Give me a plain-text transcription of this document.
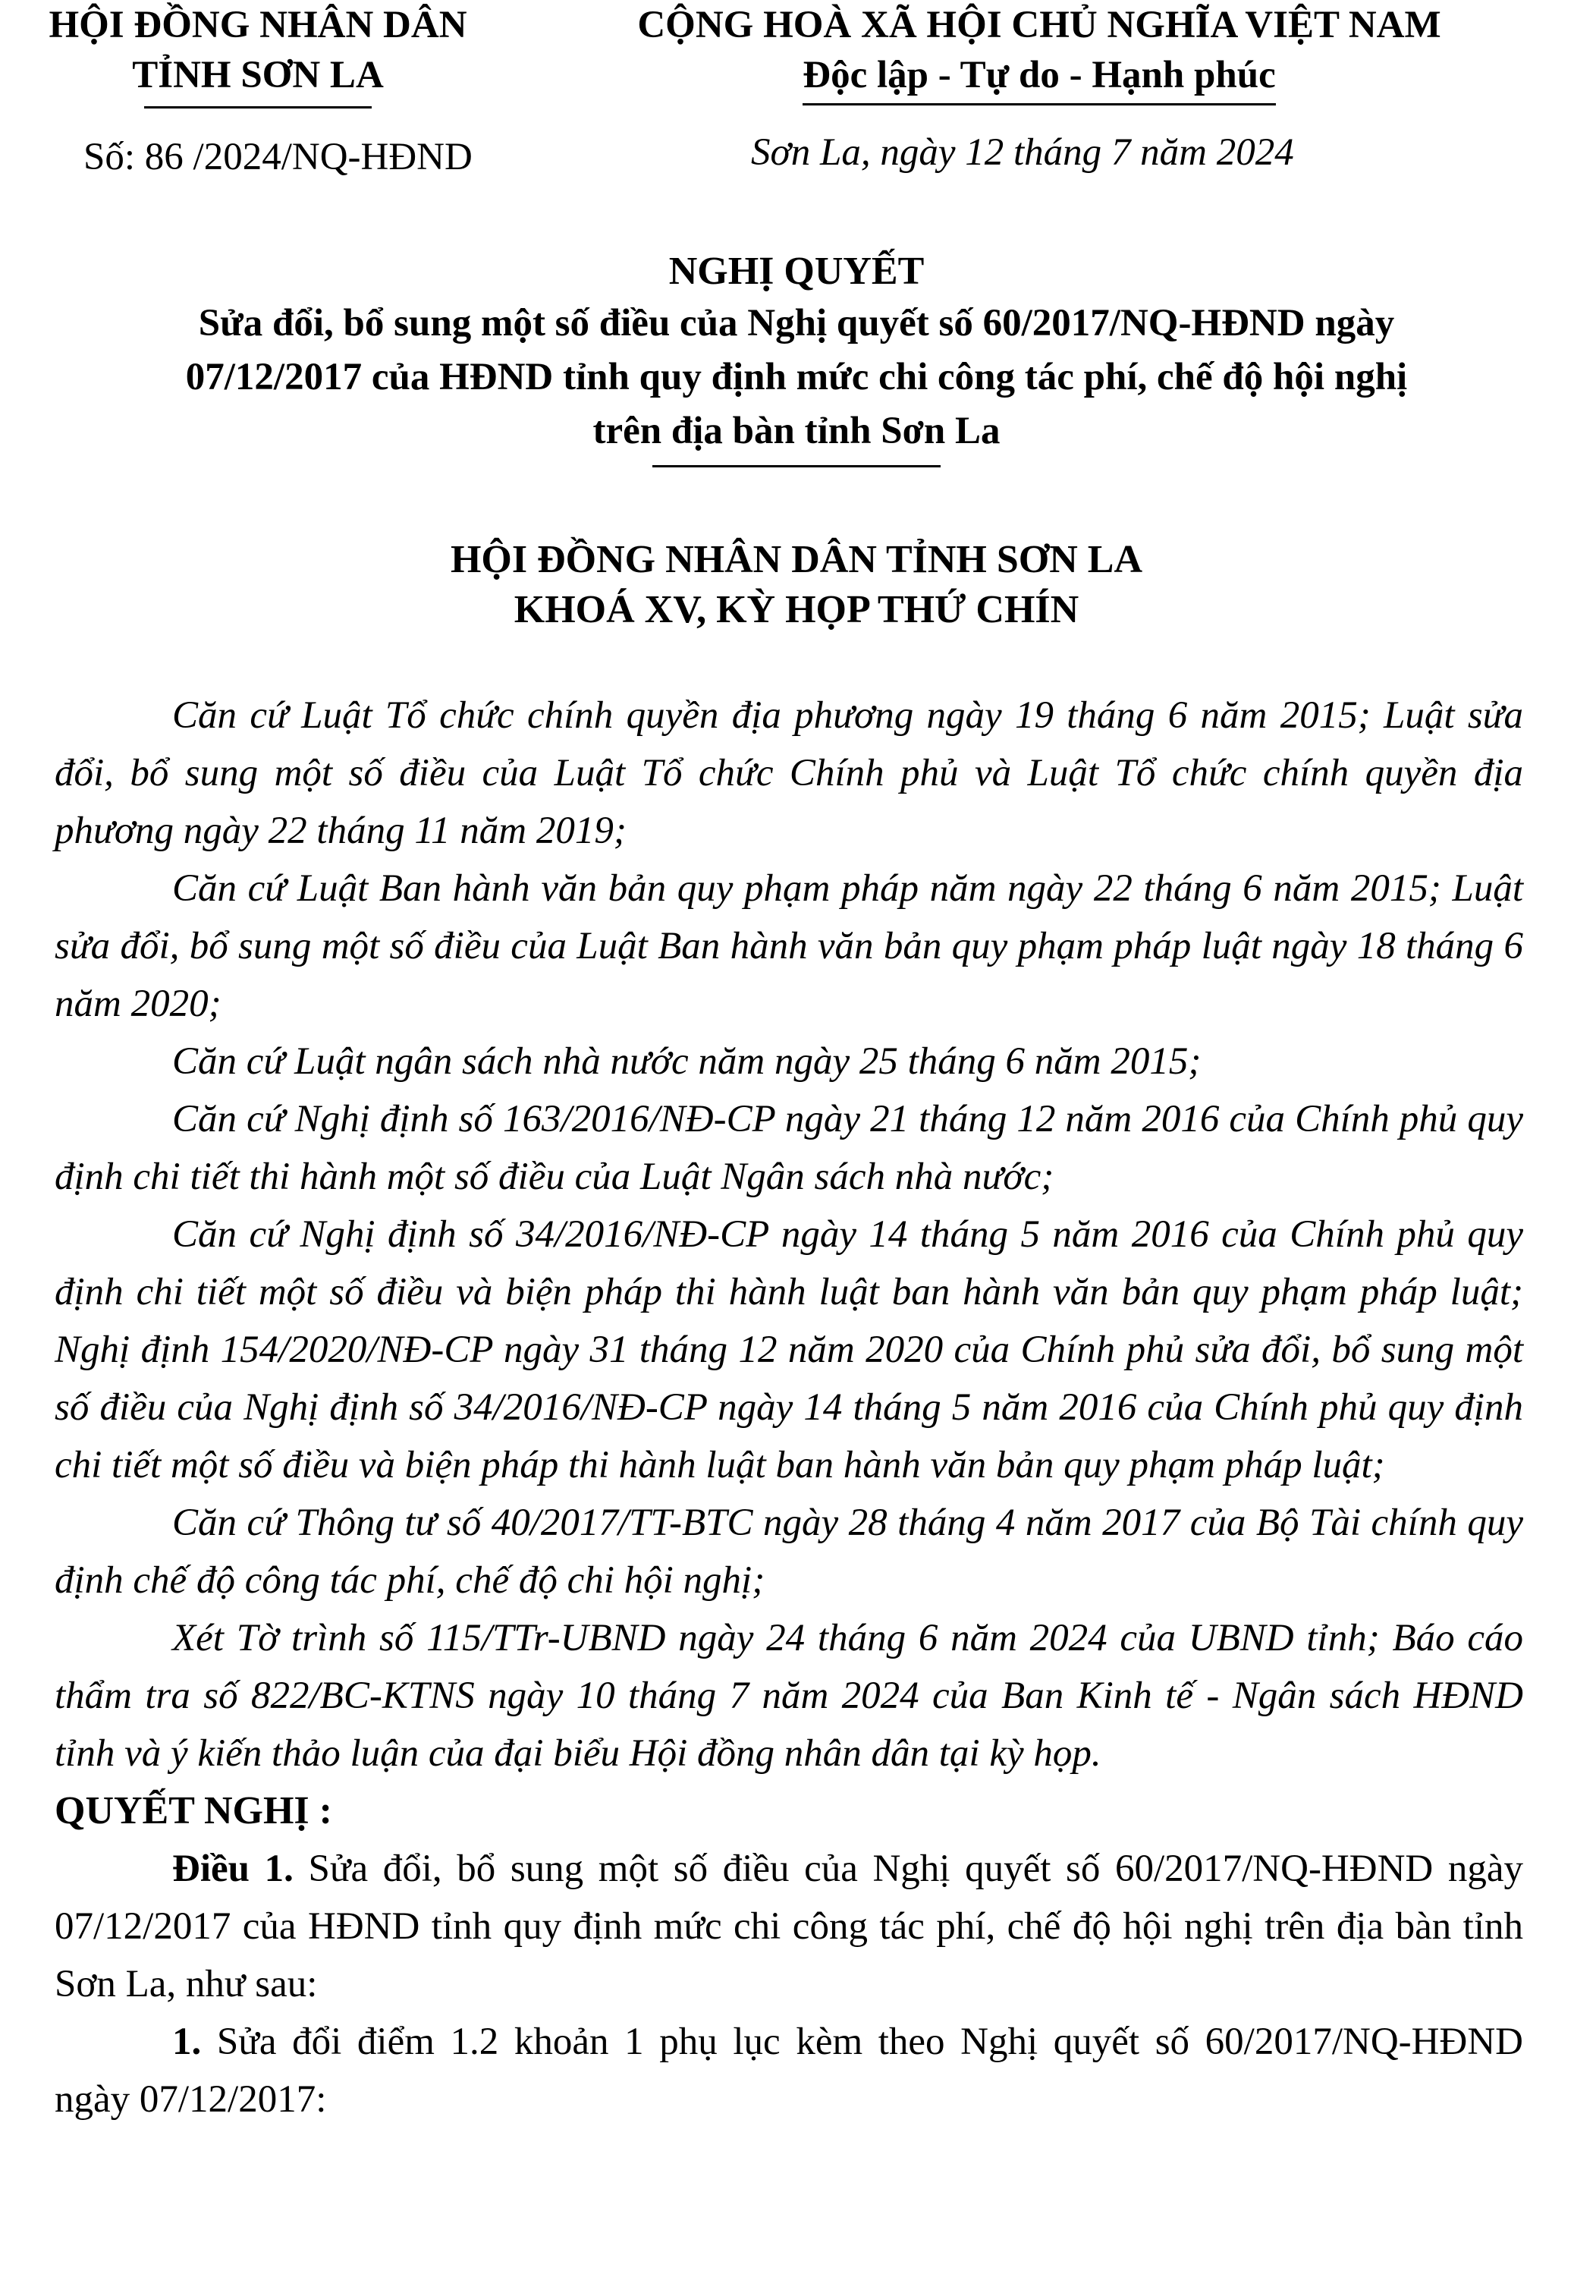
HỘI ĐỒNG NHÂN DÂN
TỈNH SƠN LA
CỘNG HOÀ XÃ HỘI CHỦ NGHĨA VIỆT NAM
Độc lập - Tự do - Hạnh phúc
Số: 86 /2024/NQ-HĐND	Sơn La, ngày 12 tháng 7 năm 2024
NGHỊ QUYẾT
Sửa đổi, bổ sung một số điều của Nghị quyết số 60/2017/NQ-HĐND ngày
07/12/2017 của HĐND tỉnh quy định mức chi công tác phí, chế độ hội nghị
trên địa bàn tỉnh Sơn La
HỘI ĐỒNG NHÂN DÂN TỈNH SƠN LA
KHOÁ XV, KỲ HỌP THỨ CHÍN

Căn cứ Luật Tổ chức chính quyền địa phương ngày 19 tháng 6 năm 2015; Luật sửa đổi, bổ sung một số điều của Luật Tổ chức Chính phủ và Luật Tổ chức chính quyền địa phương ngày 22 tháng 11 năm 2019;

Căn cứ Luật Ban hành văn bản quy phạm pháp năm ngày 22 tháng 6 năm 2015; Luật sửa đổi, bổ sung một số điều của Luật Ban hành văn bản quy phạm pháp luật ngày 18 tháng 6 năm 2020;

Căn cứ Luật ngân sách nhà nước năm ngày 25 tháng 6 năm 2015;

Căn cứ Nghị định số 163/2016/NĐ-CP ngày 21 tháng 12 năm 2016 của Chính phủ quy định chi tiết thi hành một số điều của Luật Ngân sách nhà nước;

Căn cứ Nghị định số 34/2016/NĐ-CP ngày 14 tháng 5 năm 2016 của Chính phủ quy định chi tiết một số điều và biện pháp thi hành luật ban hành văn bản quy phạm pháp luật; Nghị định 154/2020/NĐ-CP ngày 31 tháng 12 năm 2020 của Chính phủ sửa đổi, bổ sung một số điều của Nghị định số 34/2016/NĐ-CP ngày 14 tháng 5 năm 2016 của Chính phủ quy định chi tiết một số điều và biện pháp thi hành luật ban hành văn bản quy phạm pháp luật;

Căn cứ Thông tư số 40/2017/TT-BTC ngày 28 tháng 4 năm 2017 của Bộ Tài chính quy định chế độ công tác phí, chế độ chi hội nghị;

Xét Tờ trình số 115/TTr-UBND ngày 24 tháng 6 năm 2024 của UBND tỉnh; Báo cáo thẩm tra số 822/BC-KTNS ngày 10 tháng 7 năm 2024 của Ban Kinh tế - Ngân sách HĐND tỉnh và ý kiến thảo luận của đại biểu Hội đồng nhân dân tại kỳ họp.

QUYẾT NGHỊ :

Điều 1. Sửa đổi, bổ sung một số điều của Nghị quyết số 60/2017/NQ-HĐND ngày 07/12/2017 của HĐND tỉnh quy định mức chi công tác phí, chế độ hội nghị trên địa bàn tỉnh Sơn La, như sau:

1. Sửa đổi điểm 1.2 khoản 1 phụ lục kèm theo Nghị quyết số 60/2017/NQ-HĐND ngày 07/12/2017:
